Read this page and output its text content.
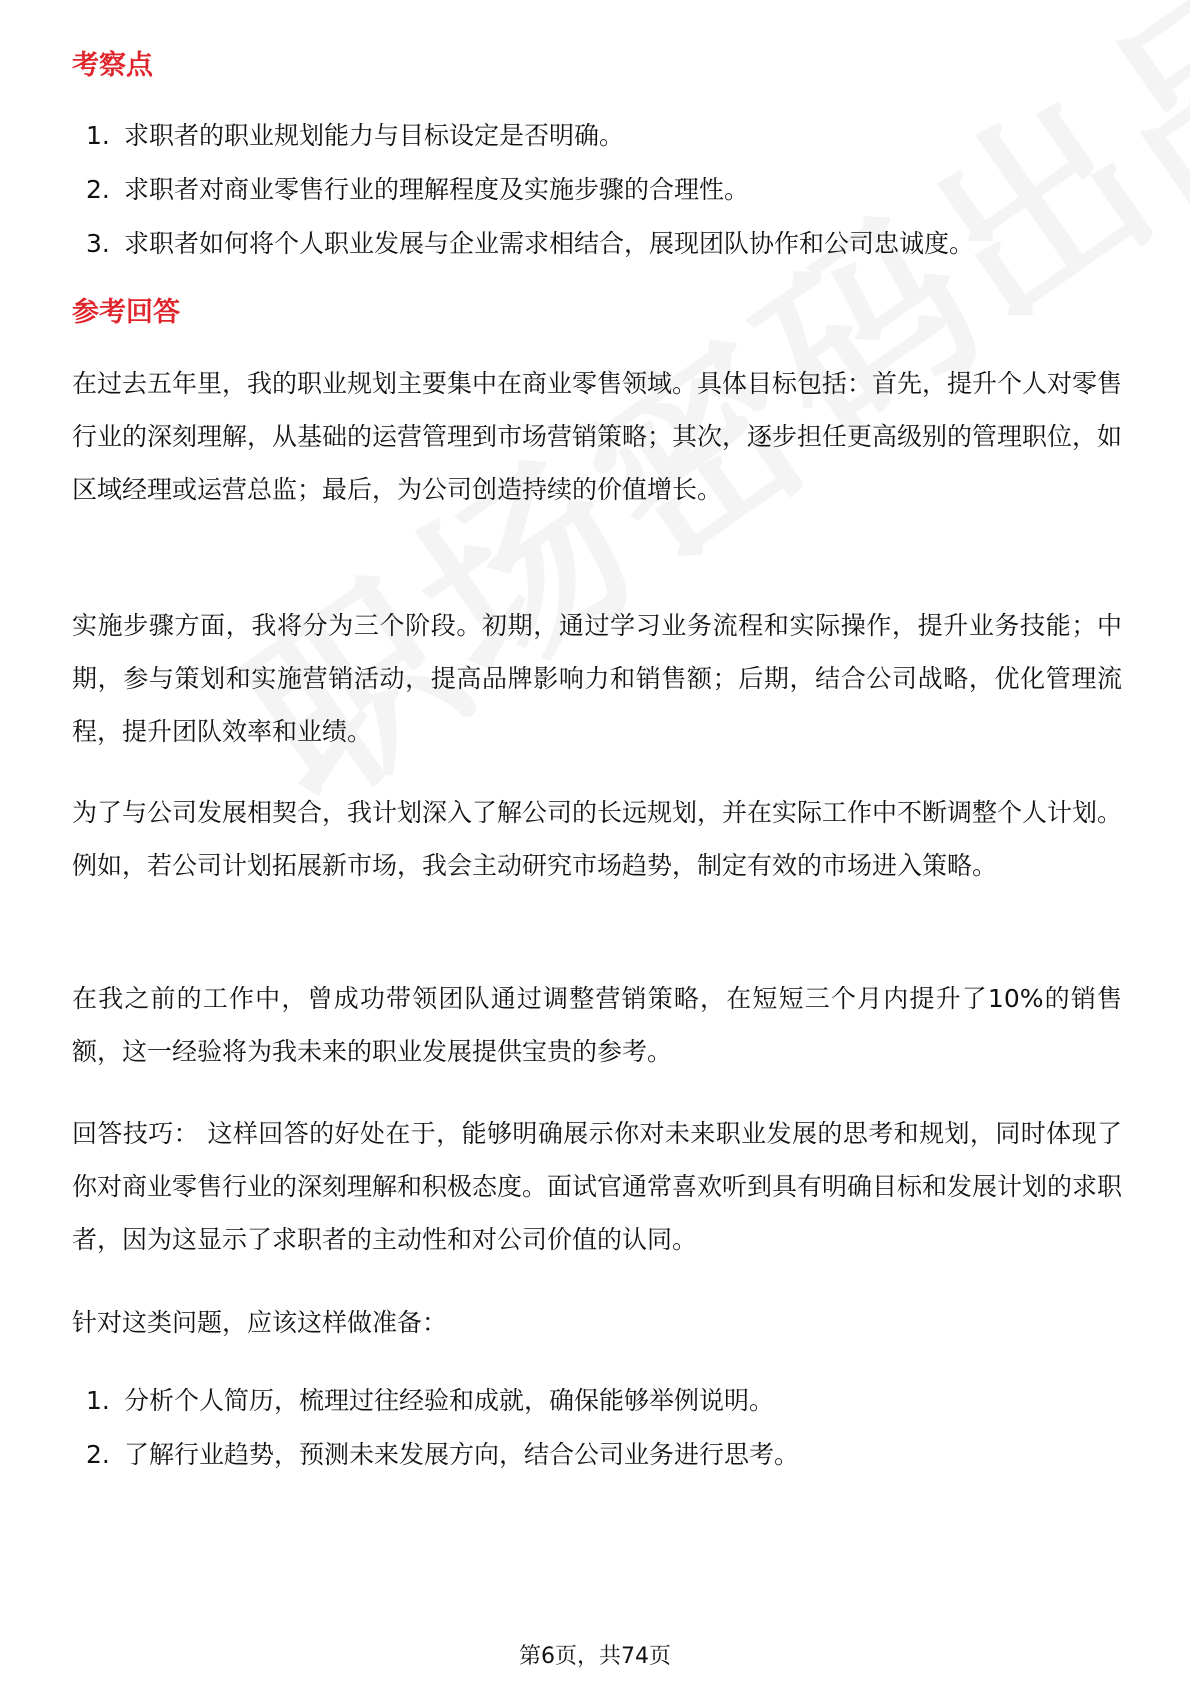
考察点
1. 求职者的职业规划能力与目标设定是否明确。
2. 求职者对商业零售行业的理解程度及实施步骤的合理性。
3. 求职者如何将个人职业发展与企业需求相结合，展现团队协作和公司忠诚度。
参考回答
在过去五年里，我的职业规划主要集中在商业零售领域。具体目标包括：首先，提升个人对零售行业的深刻理解，从基础的运营管理到市场营销策略；其次，逐步担任更高级别的管理职位，如区域经理或运营总监；最后，为公司创造持续的价值增长。
实施步骤方面，我将分为三个阶段。初期，通过学习业务流程和实际操作，提升业务技能；中期，参与策划和实施营销活动，提高品牌影响力和销售额；后期，结合公司战略，优化管理流程，提升团队效率和业绩。
为了与公司发展相契合，我计划深入了解公司的长远规划，并在实际工作中不断调整个人计划。例如，若公司计划拓展新市场，我会主动研究市场趋势，制定有效的市场进入策略。
在我之前的工作中，曾成功带领团队通过调整营销策略，在短短三个月内提升了10%的销售额，这一经验将为我未来的职业发展提供宝贵的参考。
回答技巧： 这样回答的好处在于，能够明确展示你对未来职业发展的思考和规划，同时体现了你对商业零售行业的深刻理解和积极态度。面试官通常喜欢听到具有明确目标和发展计划的求职者，因为这显示了求职者的主动性和对公司价值的认同。
针对这类问题，应该这样做准备：
1. 分析个人简历，梳理过往经验和成就，确保能够举例说明。
2. 了解行业趋势，预测未来发展方向，结合公司业务进行思考。
第6页，共74页
